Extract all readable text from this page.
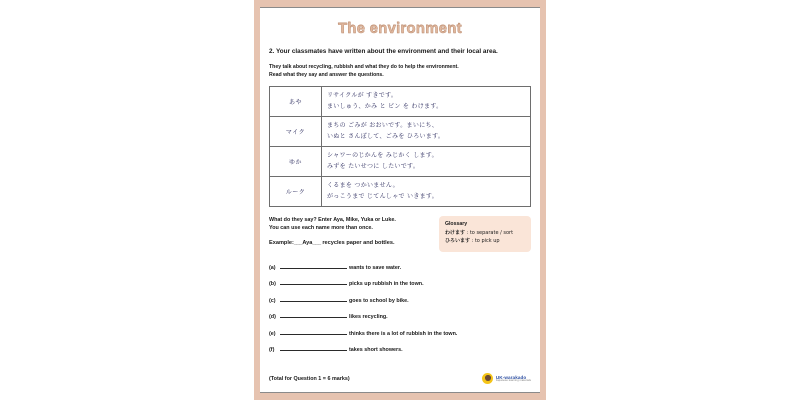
The environment
2. Your classmates have written about the environment and their local area.
They talk about recycling, rubbish and what they do to help the environment.
Read what they say and answer the questions.
あや	リサイクルが すきです。
まいしゅう、かみ と ビン を わけます。

マイク	まちの ごみが おおいです。まいにち、
いぬと さんぽして、ごみを ひろいます。

ゆか	シャワーのじかんを みじかく します。
みずを たいせつに したいです。

ルーク	くるまを つかいません。
がっこうまで じてんしゃで いきます。
What do they say? Enter Aya, Mike, Yuka or Luke.
You can use each name more than once.
Example:___Aya___ recycles paper and bottles.
Glossary
わけます : to separate / sort
ひろいます : to pick up
(a)	wants to save water.
(b)	picks up rubbish in the town.
(c)	goes to school by bike.
(d)	likes recycling.
(e)	thinks there is a lot of rubbish in the town.
(f)	takes short showers.
(Total for Question 1 = 6 marks)	UK-warakado
Japanese learning materials
